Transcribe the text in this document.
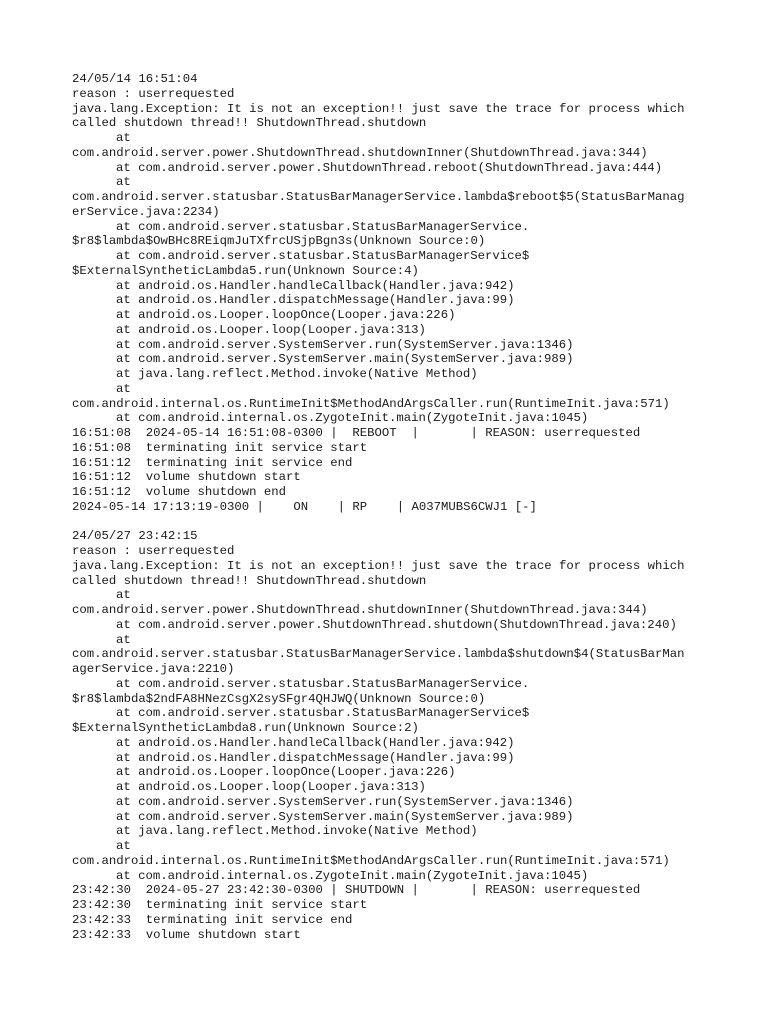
24/05/14 16:51:04
reason : userrequested
java.lang.Exception: It is not an exception!! just save the trace for process which
called shutdown thread!! ShutdownThread.shutdown
at
com.android.server.power.ShutdownThread.shutdownInner(ShutdownThread.java:344)
at com.android.server.power.ShutdownThread.reboot(ShutdownThread.java:444)
at
com.android.server.statusbar.StatusBarManagerService.lambda$reboot$5(StatusBarManag
erService.java:2234)
at com.android.server.statusbar.StatusBarManagerService.
$r8$lambda$OwBHc8REiqmJuTXfrcUSjpBgn3s(Unknown Source:0)
at com.android.server.statusbar.StatusBarManagerService$
$ExternalSyntheticLambda5.run(Unknown Source:4)
at android.os.Handler.handleCallback(Handler.java:942)
at android.os.Handler.dispatchMessage(Handler.java:99)
at android.os.Looper.loopOnce(Looper.java:226)
at android.os.Looper.loop(Looper.java:313)
at com.android.server.SystemServer.run(SystemServer.java:1346)
at com.android.server.SystemServer.main(SystemServer.java:989)
at java.lang.reflect.Method.invoke(Native Method)
at
com.android.internal.os.RuntimeInit$MethodAndArgsCaller.run(RuntimeInit.java:571)
at com.android.internal.os.ZygoteInit.main(ZygoteInit.java:1045)
16:51:08  2024-05-14 16:51:08-0300 |  REBOOT  |       | REASON: userrequested
16:51:08  terminating init service start
16:51:12  terminating init service end
16:51:12  volume shutdown start
16:51:12  volume shutdown end
2024-05-14 17:13:19-0300 |    ON    | RP    | A037MUBS6CWJ1 [-]
24/05/27 23:42:15
reason : userrequested
java.lang.Exception: It is not an exception!! just save the trace for process which
called shutdown thread!! ShutdownThread.shutdown
at
com.android.server.power.ShutdownThread.shutdownInner(ShutdownThread.java:344)
at com.android.server.power.ShutdownThread.shutdown(ShutdownThread.java:240)
at
com.android.server.statusbar.StatusBarManagerService.lambda$shutdown$4(StatusBarMan
agerService.java:2210)
at com.android.server.statusbar.StatusBarManagerService.
$r8$lambda$2ndFA8HNezCsgX2sySFgr4QHJWQ(Unknown Source:0)
at com.android.server.statusbar.StatusBarManagerService$
$ExternalSyntheticLambda8.run(Unknown Source:2)
at android.os.Handler.handleCallback(Handler.java:942)
at android.os.Handler.dispatchMessage(Handler.java:99)
at android.os.Looper.loopOnce(Looper.java:226)
at android.os.Looper.loop(Looper.java:313)
at com.android.server.SystemServer.run(SystemServer.java:1346)
at com.android.server.SystemServer.main(SystemServer.java:989)
at java.lang.reflect.Method.invoke(Native Method)
at
com.android.internal.os.RuntimeInit$MethodAndArgsCaller.run(RuntimeInit.java:571)
at com.android.internal.os.ZygoteInit.main(ZygoteInit.java:1045)
23:42:30  2024-05-27 23:42:30-0300 | SHUTDOWN |       | REASON: userrequested
23:42:30  terminating init service start
23:42:33  terminating init service end
23:42:33  volume shutdown start
